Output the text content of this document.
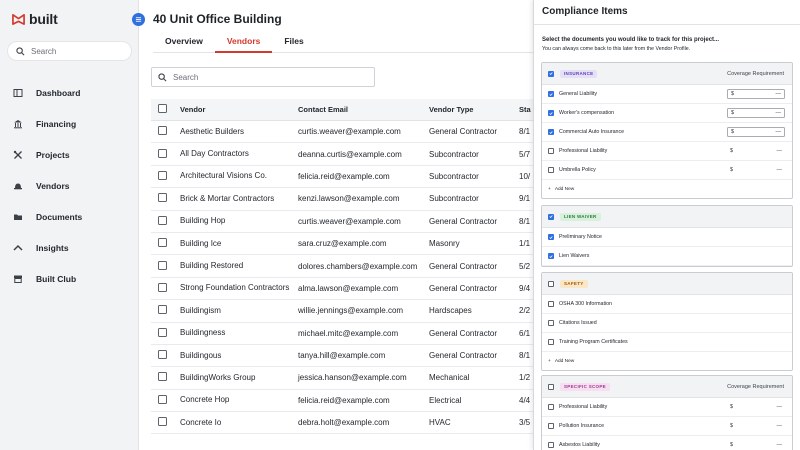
built
Search
Dashboard
Financing
Projects
Vendors
Documents
Insights
Built Club
40 Unit Office Building
Overview	Vendors	Files
Search
Vendor	Contact Email	Vendor Type	Sta
Aesthetic Builders	curtis.weaver@example.com	General Contractor	8/1
All Day Contractors	deanna.curtis@example.com	Subcontractor	5/7
Architectural Visions Co.	felicia.reid@example.com	Subcontractor	10/
Brick & Mortar Contractors	kenzi.lawson@example.com	Subcontractor	9/1
Building Hop	curtis.weaver@example.com	General Contractor	8/1
Building Ice	sara.cruz@example.com	Masonry	1/1
Building Restored	dolores.chambers@example.com	General Contractor	5/2
Strong Foundation Contractors	alma.lawson@example.com	General Contractor	9/4
Buildingism	willie.jennings@example.com	Hardscapes	2/2
Buildingness	michael.mitc@example.com	General Contractor	6/1
Buildingous	tanya.hill@example.com	General Contractor	8/1
BuildingWorks Group	jessica.hanson@example.com	Mechanical	1/2
Concrete Hop	felicia.reid@example.com	Electrical	4/4
Concrete Io	debra.holt@example.com	HVAC	3/5
Compliance Items
Select the documents you would like to track for this project...
You can always come back to this later from the Vendor Profile.
INSURANCE	Coverage Requirement
General Liability	$	—
Worker's compensation	$	—
Commercial Auto Insurance	$	—
Professional Liability	$	—
Umbrella Policy	$	—
+ Add New
LIEN WAIVER
Preliminary Notice
Lien Waivers
SAFETY
OSHA 300 Information
Citations Issued
Training Program Certificates
+ Add New
SPECIFIC SCOPE	Coverage Requirement
Professional Liability	$	—
Pollution Insurance	$	—
Asbestos Liability	$	—
